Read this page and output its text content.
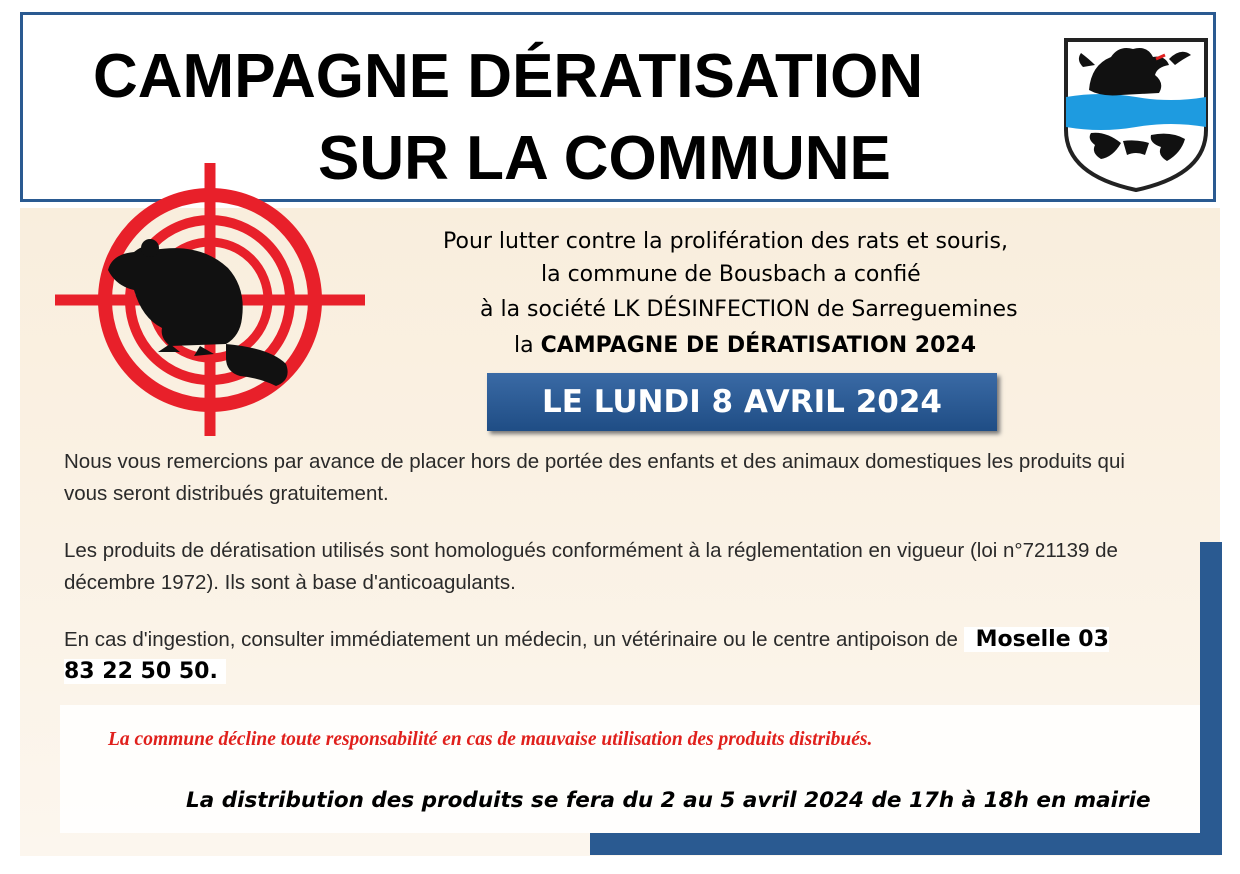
CAMPAGNE DÉRATISATION
SUR LA COMMUNE
Pour lutter contre la prolifération des rats et souris,
la commune de Bousbach a confié
à la société LK DÉSINFECTION de Sarreguemines
la CAMPAGNE DE DÉRATISATION 2024
LE LUNDI 8 AVRIL 2024
Nous vous remercions par avance de placer hors de portée des enfants et des animaux domestiques les produits qui vous seront distribués gratuitement.
Les produits de dératisation utilisés sont homologués conformément à la réglementation en vigueur (loi n°721139 de décembre 1972). Ils sont à base d'anticoagulants.
En cas d'ingestion, consulter immédiatement un médecin, un vétérinaire ou le centre antipoison de Moselle 03 83 22 50 50.
La commune décline toute responsabilité en cas de mauvaise utilisation des produits distribués.
La distribution des produits se fera du 2 au 5 avril 2024 de 17h à 18h en mairie
